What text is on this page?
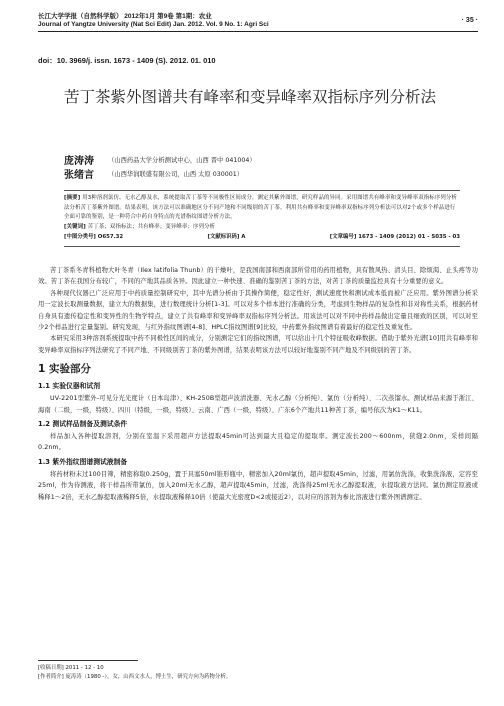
长江大学学报（自然科学版） 2012年1月 第9卷 第1期：农业
Journal of Yangtze University (Nat Sci Edit) Jan. 2012. Vol. 9 No. 1: Agri Sci
· 35 ·
doi：10. 3969/j. issn. 1673 - 1409 (S). 2012. 01. 010
苦丁茶紫外图谱共有峰率和变异峰率双指标序列分析法
庞涛涛	（山西药品大学分析测试中心，山西 晋中 041004）
张绪言	（山西华润联盛有限公司，山西 太原 030001）

[摘要] 用3种溶剂氯仿、无水乙醇及水，系统提取苦丁茶等不同极性区间成分，测定其紫外图谱，研究样品的异同。采用图谱共有峰率和变异峰率双指标序列分析法分析苦丁茶紫外图谱。结果表明，该方法可以准确地区分不同产地和不同级别的苦丁茶，利用共有峰率和变异峰率双指标序列分析法可以对2个或多个样品进行全面可靠的鉴别，是一种符合中药自身特点的光谱指纹图谱分析方法。

[关键词] 苦丁茶；双指标法；共有峰率；变异峰率；序列分析

[中图分类号] O657.32	[文献标识码] A	[文章编号] 1673 - 1409 (2012) 01 - S035 - 03

苦丁茶系冬青科植物大叶冬青（Ilex latifolia Thunb）的干燥叶，是我国南部和西南部所常用的药用植物，具有散风热、清头目、除烦渴、止头疼等功效。苦丁茶在我国分布较广，不同的产地其品质各异。因此建立一种快速、准确的鉴别苦丁茶的方法，对苦丁茶的质量监控具有十分重要的意义。

各种现代仪器已广泛应用于中药质量控制研究中，其中光谱分析由于其操作简便，稳定性好，测试速度快和测试成本低而被广泛应用。紫外图谱分析采用一定波长取测量数据，建立大的数据集，进行数理统计分析[1-3]。可以对多个样本进行准确的分类，考虑到生物样品的复杂性和非对称性关系，根据药材自身具有遗传稳定性和变异性的生物学特点，建立了共有峰率和变异峰率双指标序列分析法。用该法可以对不同中药样品做出定量且细致的区别，可以对至少2个样品进行定量鉴别。研究发现，与红外指纹图谱[4-8]、HPLC指纹图谱[9]比较，中药紫外指纹图谱有着最好的稳定性及重复性。

本研究采用3种溶剂系统提取中药不同极性区间的成分，分别测定它们的指纹图谱，可以给出十几个特征吸收峰数据。借助于紫外光谱[10]用共有峰率和变异峰率双指标序列法研究了不同产地、不同级别苦丁茶的紫外图谱，结果表明该方法可以较好地鉴别不同产地及不同级别的苦丁茶。

1 实验部分
1.1 实验仪器和试剂

UV-2201型紫外-可见分光光度计（日本岛津）、KH-250B型超声波清洗器、无水乙醇（分析纯）、氯仿（分析纯）、二次蒸馏水。测试样品来源于浙江、海南（二级，一级，特级）、四川（特级，一级，特级）、云南、广西（一级，特级）、广东6个产地共11种苦丁茶，编号依次为K1～K11。

1.2 测试样品制备及测试条件

样品加入各种提取溶剂，分别在室温下采用超声方法提取45min可达到最大且稳定的提取率。测定波长200～600nm，狭缝2.0nm，采样间隔0.2nm。

1.3 紫外指纹图谱测试液制备

将药材粉末过100目筛，精密称取0.250g，置于具塞50ml锥形瓶中，精密加入20ml氯仿，超声提取45min，过滤，用氯仿洗涤，收集洗涤液，定容至25ml，作为待测液，将干样品所带氯仿，加入20ml无水乙醇，超声提取45min，过滤，洗涤得25ml无水乙醇提取液，水提取液方法同。氯仿测定原液或稀释1～2倍，无水乙醇提取液稀释5倍，水提取液稀释10倍（使最大光密度D<2或接近2），以对应的溶剂为参比溶液进行紫外图谱测定。

[收稿日期] 2011 - 12 - 10

[作者简介] 庞涛涛（1980 -），女，山西文水人，博士生，研究方向为药物分析。
